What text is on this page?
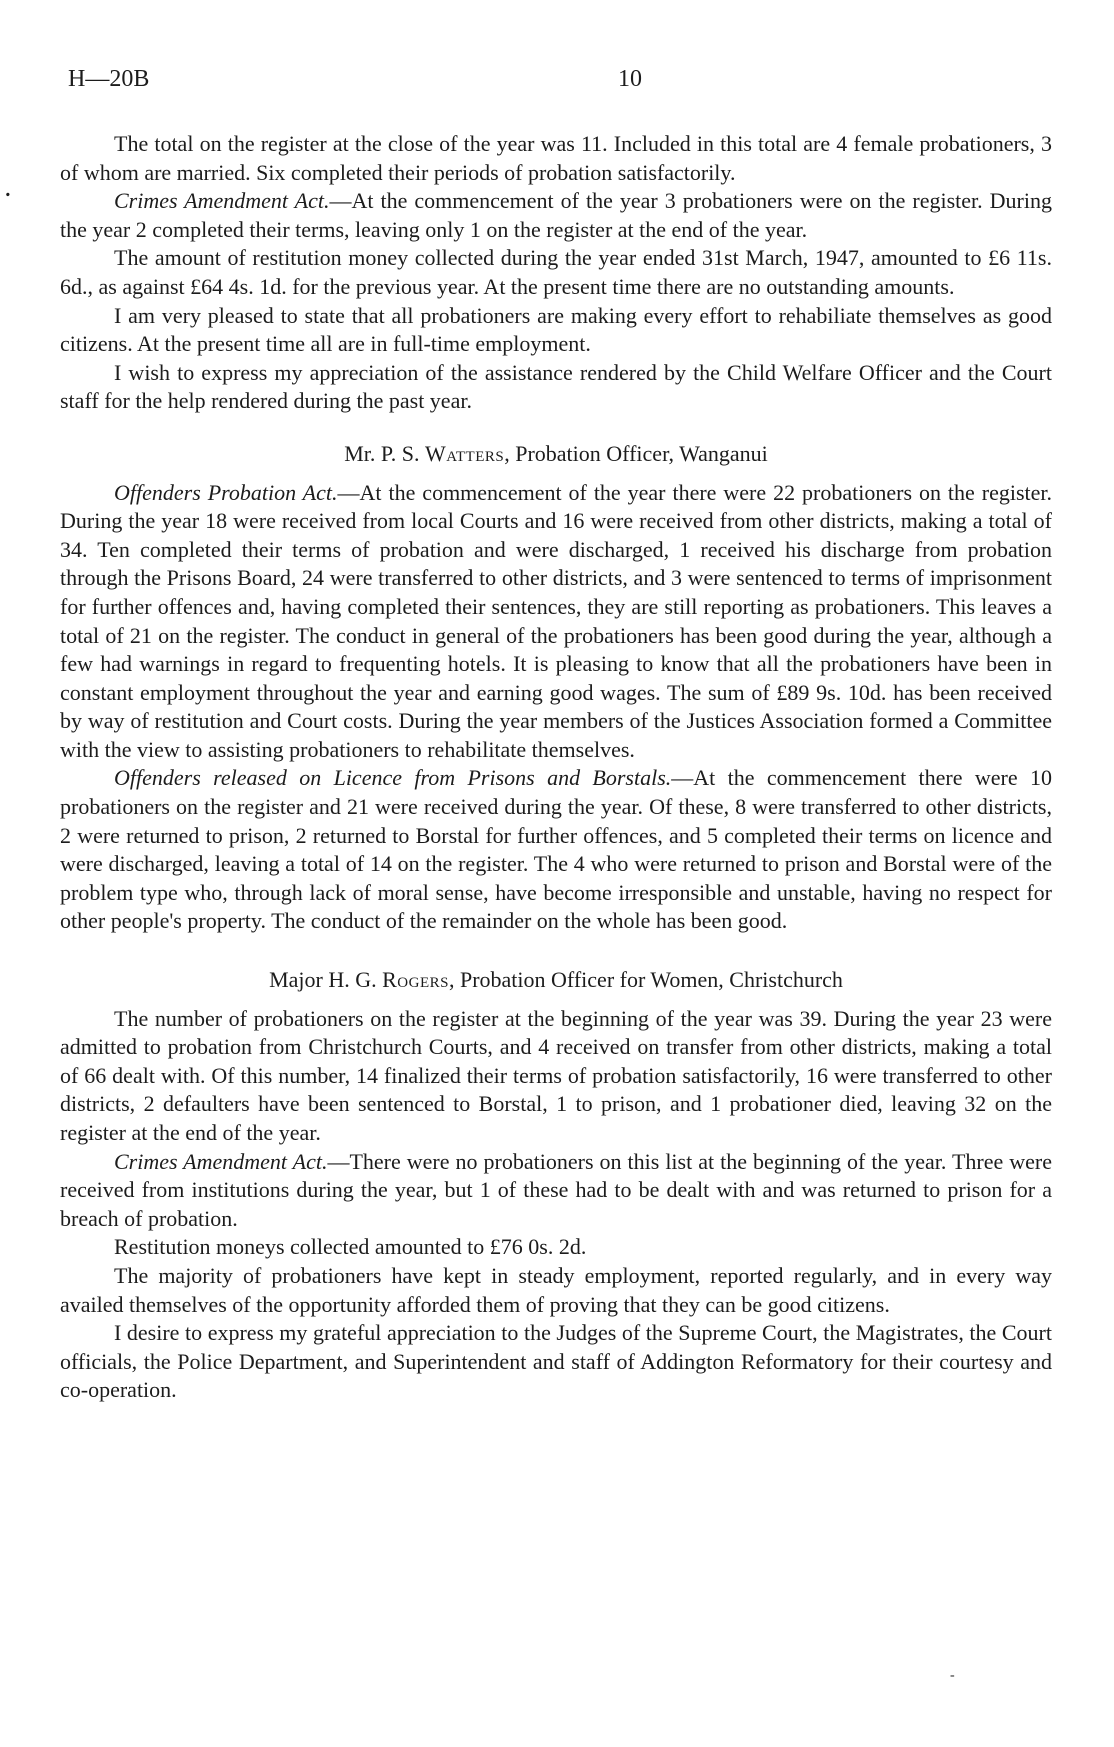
H—20B	10
•

The total on the register at the close of the year was 11. Included in this total are 4 female probationers, 3 of whom are married. Six completed their periods of probation satisfactorily.

Crimes Amendment Act.—At the commencement of the year 3 probationers were on the register. During the year 2 completed their terms, leaving only 1 on the register at the end of the year.

The amount of restitution money collected during the year ended 31st March, 1947, amounted to £6 11s. 6d., as against £64 4s. 1d. for the previous year. At the present time there are no outstanding amounts.

I am very pleased to state that all probationers are making every effort to rehabiliate themselves as good citizens. At the present time all are in full-time employment.

I wish to express my appreciation of the assistance rendered by the Child Welfare Officer and the Court staff for the help rendered during the past year.

Mr. P. S. Watters, Probation Officer, Wanganui

Offenders Probation Act.—At the commencement of the year there were 22 probationers on the register. During the year 18 were received from local Courts and 16 were received from other districts, making a total of 34. Ten completed their terms of probation and were discharged, 1 received his discharge from probation through the Prisons Board, 24 were transferred to other districts, and 3 were sentenced to terms of imprisonment for further offences and, having completed their sentences, they are still reporting as probationers. This leaves a total of 21 on the register. The conduct in general of the probationers has been good during the year, although a few had warnings in regard to frequenting hotels. It is pleasing to know that all the probationers have been in constant employment throughout the year and earning good wages. The sum of £89 9s. 10d. has been received by way of restitution and Court costs. During the year members of the Justices Association formed a Committee with the view to assisting probationers to rehabilitate themselves.

Offenders released on Licence from Prisons and Borstals.—At the commencement there were 10 probationers on the register and 21 were received during the year. Of these, 8 were transferred to other districts, 2 were returned to prison, 2 returned to Borstal for further offences, and 5 completed their terms on licence and were discharged, leaving a total of 14 on the register. The 4 who were returned to prison and Borstal were of the problem type who, through lack of moral sense, have become irresponsible and unstable, having no respect for other people's property. The conduct of the remainder on the whole has been good.

Major H. G. Rogers, Probation Officer for Women, Christchurch

The number of probationers on the register at the beginning of the year was 39. During the year 23 were admitted to probation from Christchurch Courts, and 4 received on transfer from other districts, making a total of 66 dealt with. Of this number, 14 finalized their terms of probation satisfactorily, 16 were transferred to other districts, 2 defaulters have been sentenced to Borstal, 1 to prison, and 1 probationer died, leaving 32 on the register at the end of the year.

Crimes Amendment Act.—There were no probationers on this list at the beginning of the year. Three were received from institutions during the year, but 1 of these had to be dealt with and was returned to prison for a breach of probation.

Restitution moneys collected amounted to £76 0s. 2d.

The majority of probationers have kept in steady employment, reported regularly, and in every way availed themselves of the opportunity afforded them of proving that they can be good citizens.

I desire to express my grateful appreciation to the Judges of the Supreme Court, the Magistrates, the Court officials, the Police Department, and Superintendent and staff of Addington Reformatory for their courtesy and co-operation.

-
